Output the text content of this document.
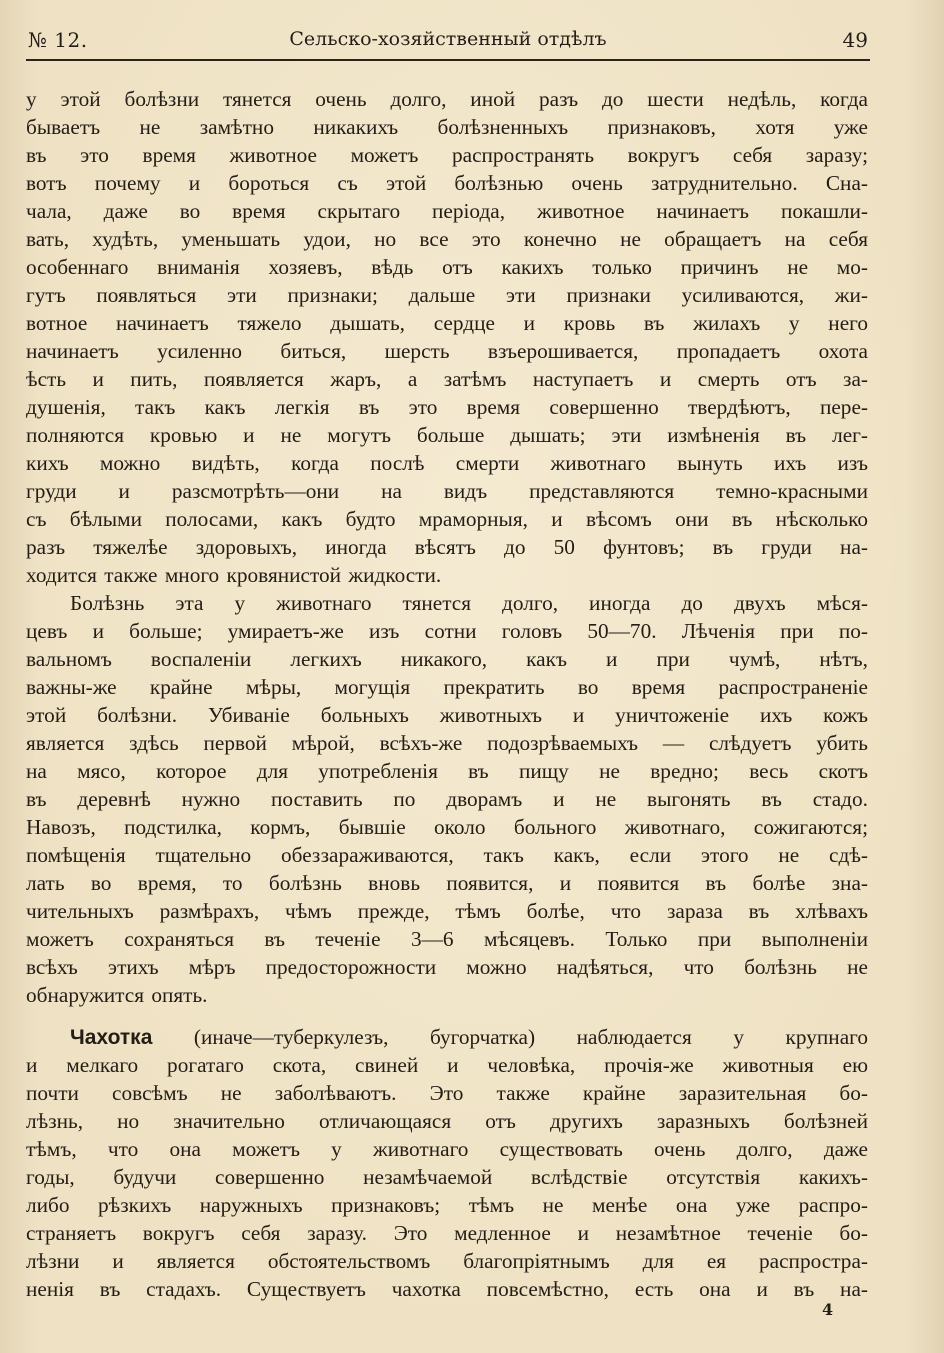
№ 12.	Сельско-хозяйственный отдѣлъ	49
у этой болѣзни тянется очень долго, иной разъ до шести недѣль, когда
бываетъ не замѣтно никакихъ болѣзненныхъ признаковъ, хотя уже
въ это время животное можетъ распространять вокругъ себя заразу;
вотъ почему и бороться съ этой болѣзнью очень затруднительно. Сна-
чала, даже во время скрытаго періода, животное начинаетъ покашли-
вать, худѣть, уменьшать удои, но все это конечно не обращаетъ на себя
особеннаго вниманія хозяевъ, вѣдь отъ какихъ только причинъ не мо-
гутъ появляться эти признаки; дальше эти признаки усиливаются, жи-
вотное начинаетъ тяжело дышать, сердце и кровь въ жилахъ у него
начинаетъ усиленно биться, шерсть взъерошивается, пропадаетъ охота
ѣсть и пить, появляется жаръ, а затѣмъ наступаетъ и смерть отъ за-
душенія, такъ какъ легкія въ это время совершенно твердѣютъ, пере-
полняются кровью и не могутъ больше дышать; эти измѣненія въ лег-
кихъ можно видѣть, когда послѣ смерти животнаго вынуть ихъ изъ
груди и разсмотрѣть—они на видъ представляются темно-красными
съ бѣлыми полосами, какъ будто мраморныя, и вѣсомъ они въ нѣсколько
разъ тяжелѣе здоровыхъ, иногда вѣсятъ до 50 фунтовъ; въ груди на-
ходится также много кровянистой жидкости.
Болѣзнь эта у животнаго тянется долго, иногда до двухъ мѣся-
цевъ и больше; умираетъ-же изъ сотни головъ 50—70. Лѣченія при по-
вальномъ воспаленіи легкихъ никакого, какъ и при чумѣ, нѣтъ,
важны-же крайне мѣры, могущія прекратить во время распространеніе
этой болѣзни. Убиваніе больныхъ животныхъ и уничтоженіе ихъ кожъ
является здѣсь первой мѣрой, всѣхъ-же подозрѣваемыхъ — слѣдуетъ убить
на мясо, которое для употребленія въ пищу не вредно; весь скотъ
въ деревнѣ нужно поставить по дворамъ и не выгонять въ стадо.
Навозъ, подстилка, кормъ, бывшіе около больного животнаго, сожигаются;
помѣщенія тщательно обеззараживаются, такъ какъ, если этого не сдѣ-
лать во время, то болѣзнь вновь появится, и появится въ болѣе зна-
чительныхъ размѣрахъ, чѣмъ прежде, тѣмъ болѣе, что зараза въ хлѣвахъ
можетъ сохраняться въ теченіе 3—6 мѣсяцевъ. Только при выполненіи
всѣхъ этихъ мѣръ предосторожности можно надѣяться, что болѣзнь не
обнаружится опять.
Чахотка (иначе—туберкулезъ, бугорчатка) наблюдается у крупнаго
и мелкаго рогатаго скота, свиней и человѣка, прочія-же животныя ею
почти совсѣмъ не заболѣваютъ. Это также крайне заразительная бо-
лѣзнь, но значительно отличающаяся отъ другихъ заразныхъ болѣзней
тѣмъ, что она можетъ у животнаго существовать очень долго, даже
годы, будучи совершенно незамѣчаемой вслѣдствіе отсутствія какихъ-
либо рѣзкихъ наружныхъ признаковъ; тѣмъ не менѣе она уже распро-
страняетъ вокругъ себя заразу. Это медленное и незамѣтное теченіе бо-
лѣзни и является обстоятельствомъ благопріятнымъ для ея распростра-
ненія въ стадахъ. Существуетъ чахотка повсемѣстно, есть она и въ на-
4
